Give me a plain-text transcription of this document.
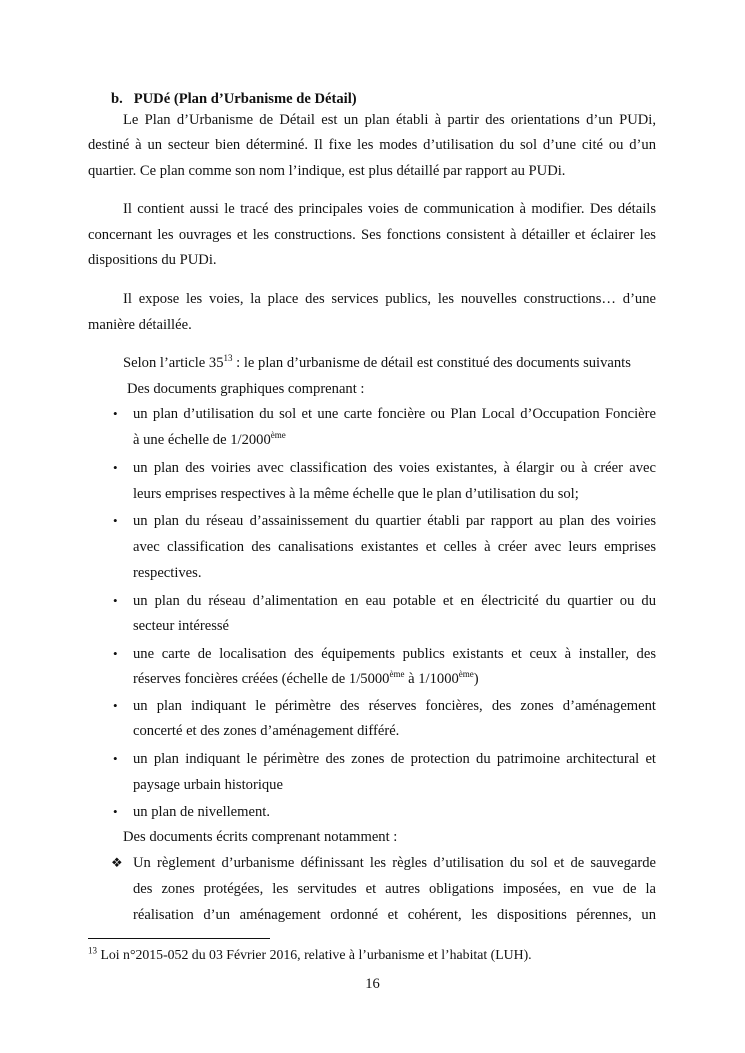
b. PUDé (Plan d’Urbanisme de Détail)
Le Plan d’Urbanisme de Détail est un plan établi à partir des orientations d’un PUDi,
destiné à un secteur bien déterminé. Il fixe les modes d’utilisation du sol d’une cité ou d’un
quartier. Ce plan comme son nom l’indique, est plus détaillé par rapport au PUDi.
Il contient aussi le tracé des principales voies de communication à modifier. Des détails
concernant les ouvrages et les constructions. Ses fonctions consistent à détailler et éclairer les
dispositions du PUDi.
Il expose les voies, la place des services publics, les nouvelles constructions… d’une
manière détaillée.
Selon l’article $35^{13}$ : le plan d’urbanisme de détail est constitué des documents suivants
Des documents graphiques comprenant :
• un plan d’utilisation du sol et une carte foncière ou Plan Local d’Occupation Foncière
à une échelle de 1/2000ème
• un plan des voiries avec classification des voies existantes, à élargir ou à créer avec
leurs emprises respectives à la même échelle que le plan d’utilisation du sol;
• un plan du réseau d’assainissement du quartier établi par rapport au plan des voiries
avec classification des canalisations existantes et celles à créer avec leurs emprises
respectives.
• un plan du réseau d’alimentation en eau potable et en électricité du quartier ou du
secteur intéressé
• une carte de localisation des équipements publics existants et ceux à installer, des
réserves foncières créées (échelle de 1/5000ème à 1/1000ème)
• un plan indiquant le périmètre des réserves foncières, des zones d’aménagement
concerté et des zones d’aménagement différé.
• un plan indiquant le périmètre des zones de protection du patrimoine architectural et
paysage urbain historique
• un plan de nivellement.
Des documents écrits comprenant notamment :
❖ Un règlement d’urbanisme définissant les règles d’utilisation du sol et de sauvegarde
des zones protégées, les servitudes et autres obligations imposées, en vue de la
réalisation d’un aménagement ordonné et cohérent, les dispositions pérennes, un
$^{13}$ Loi n°2015-052 du 03 Février 2016, relative à l’urbanisme et l’habitat (LUH).
16
